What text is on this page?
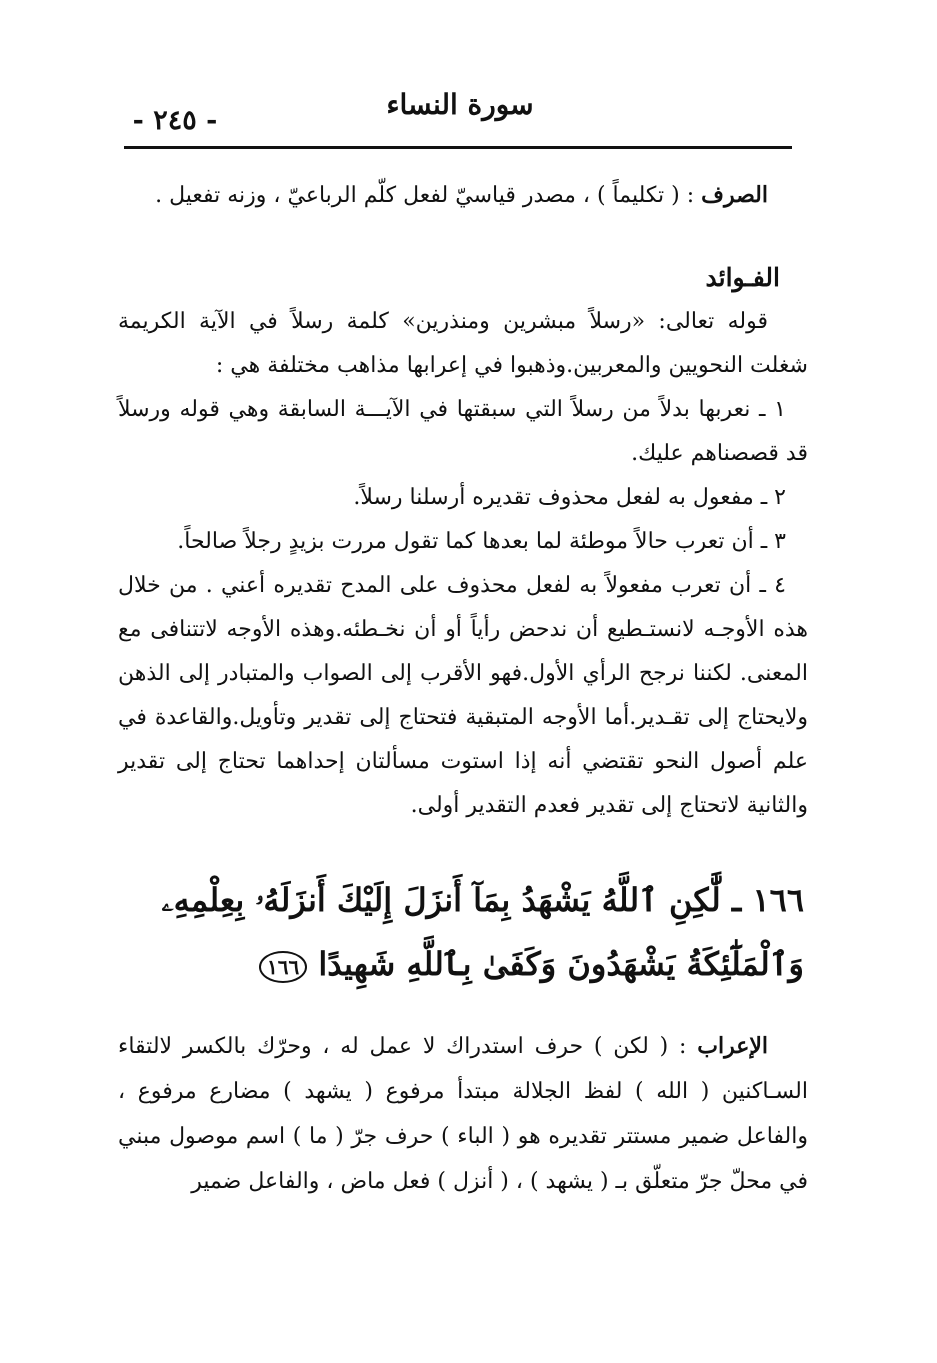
- ٢٤٥ -	سورة النساء

الصرف : ( تكليماً ) ، مصدر قياسيّ لفعل كلّم الرباعيّ ، وزنه تفعيل .

الفـوائد

قوله تعالى: «رسلاً مبشرين ومنذرين» كلمة رسلاً في الآية الكريمة شغلت النحويين والمعربين.وذهبوا في إعرابها مذاهب مختلفة هي :

١ ـ نعربها بدلاً من رسلاً التي سبقتها في الآيـــة السابقة وهي قوله ورسلاً قد قصصناهم عليك.

٢ ـ مفعول به لفعل محذوف تقديره أرسلنا رسلاً.

٣ ـ أن تعرب حالاً موطئة لما بعدها كما تقول مررت بزيدٍ رجلاً صالحاً.

٤ ـ أن تعرب مفعولاً به لفعل محذوف على المدح تقديره أعني . من خلال هذه الأوجـه لانستـطيع أن ندحض رأياً أو أن نخـطئه.وهذه الأوجه لاتتنافى مع المعنى. لكننا نرجح الرأي الأول.فهو الأقرب إلى الصواب والمتبادر إلى الذهن ولايحتاج إلى تقـدير.أما الأوجه المتبقية فتحتاج إلى تقدير وتأويل.والقاعدة في علم أصول النحو تقتضي أنه إذا استوت مسألتان إحداهما تحتاج إلى تقدير والثانية لاتحتاج إلى تقدير فعدم التقدير أولى.

١٦٦ ـ لَّٰكِنِ ٱللَّهُ يَشْهَدُ بِمَآ أَنزَلَ إِلَيْكَ أَنزَلَهُۥ بِعِلْمِهِۦ وَٱلْمَلَٰٓئِكَةُ يَشْهَدُونَ وَكَفَىٰ بِٱللَّهِ شَهِيدًا ١٦٦

الإعراب : ( لكن ) حرف استدراك لا عمل له ، وحرّك بالكسر لالتقاء السـاكنين ( الله ) لفظ الجلالة مبتدأ مرفوع ( يشهد ) مضارع مرفوع ، والفاعل ضمير مستتر تقديره هو ( الباء ) حرف جرّ ( ما ) اسم موصول مبني في محلّ جرّ متعلّق بـ ( يشهد ) ، ( أنزل ) فعل ماض ، والفاعل ضمير
